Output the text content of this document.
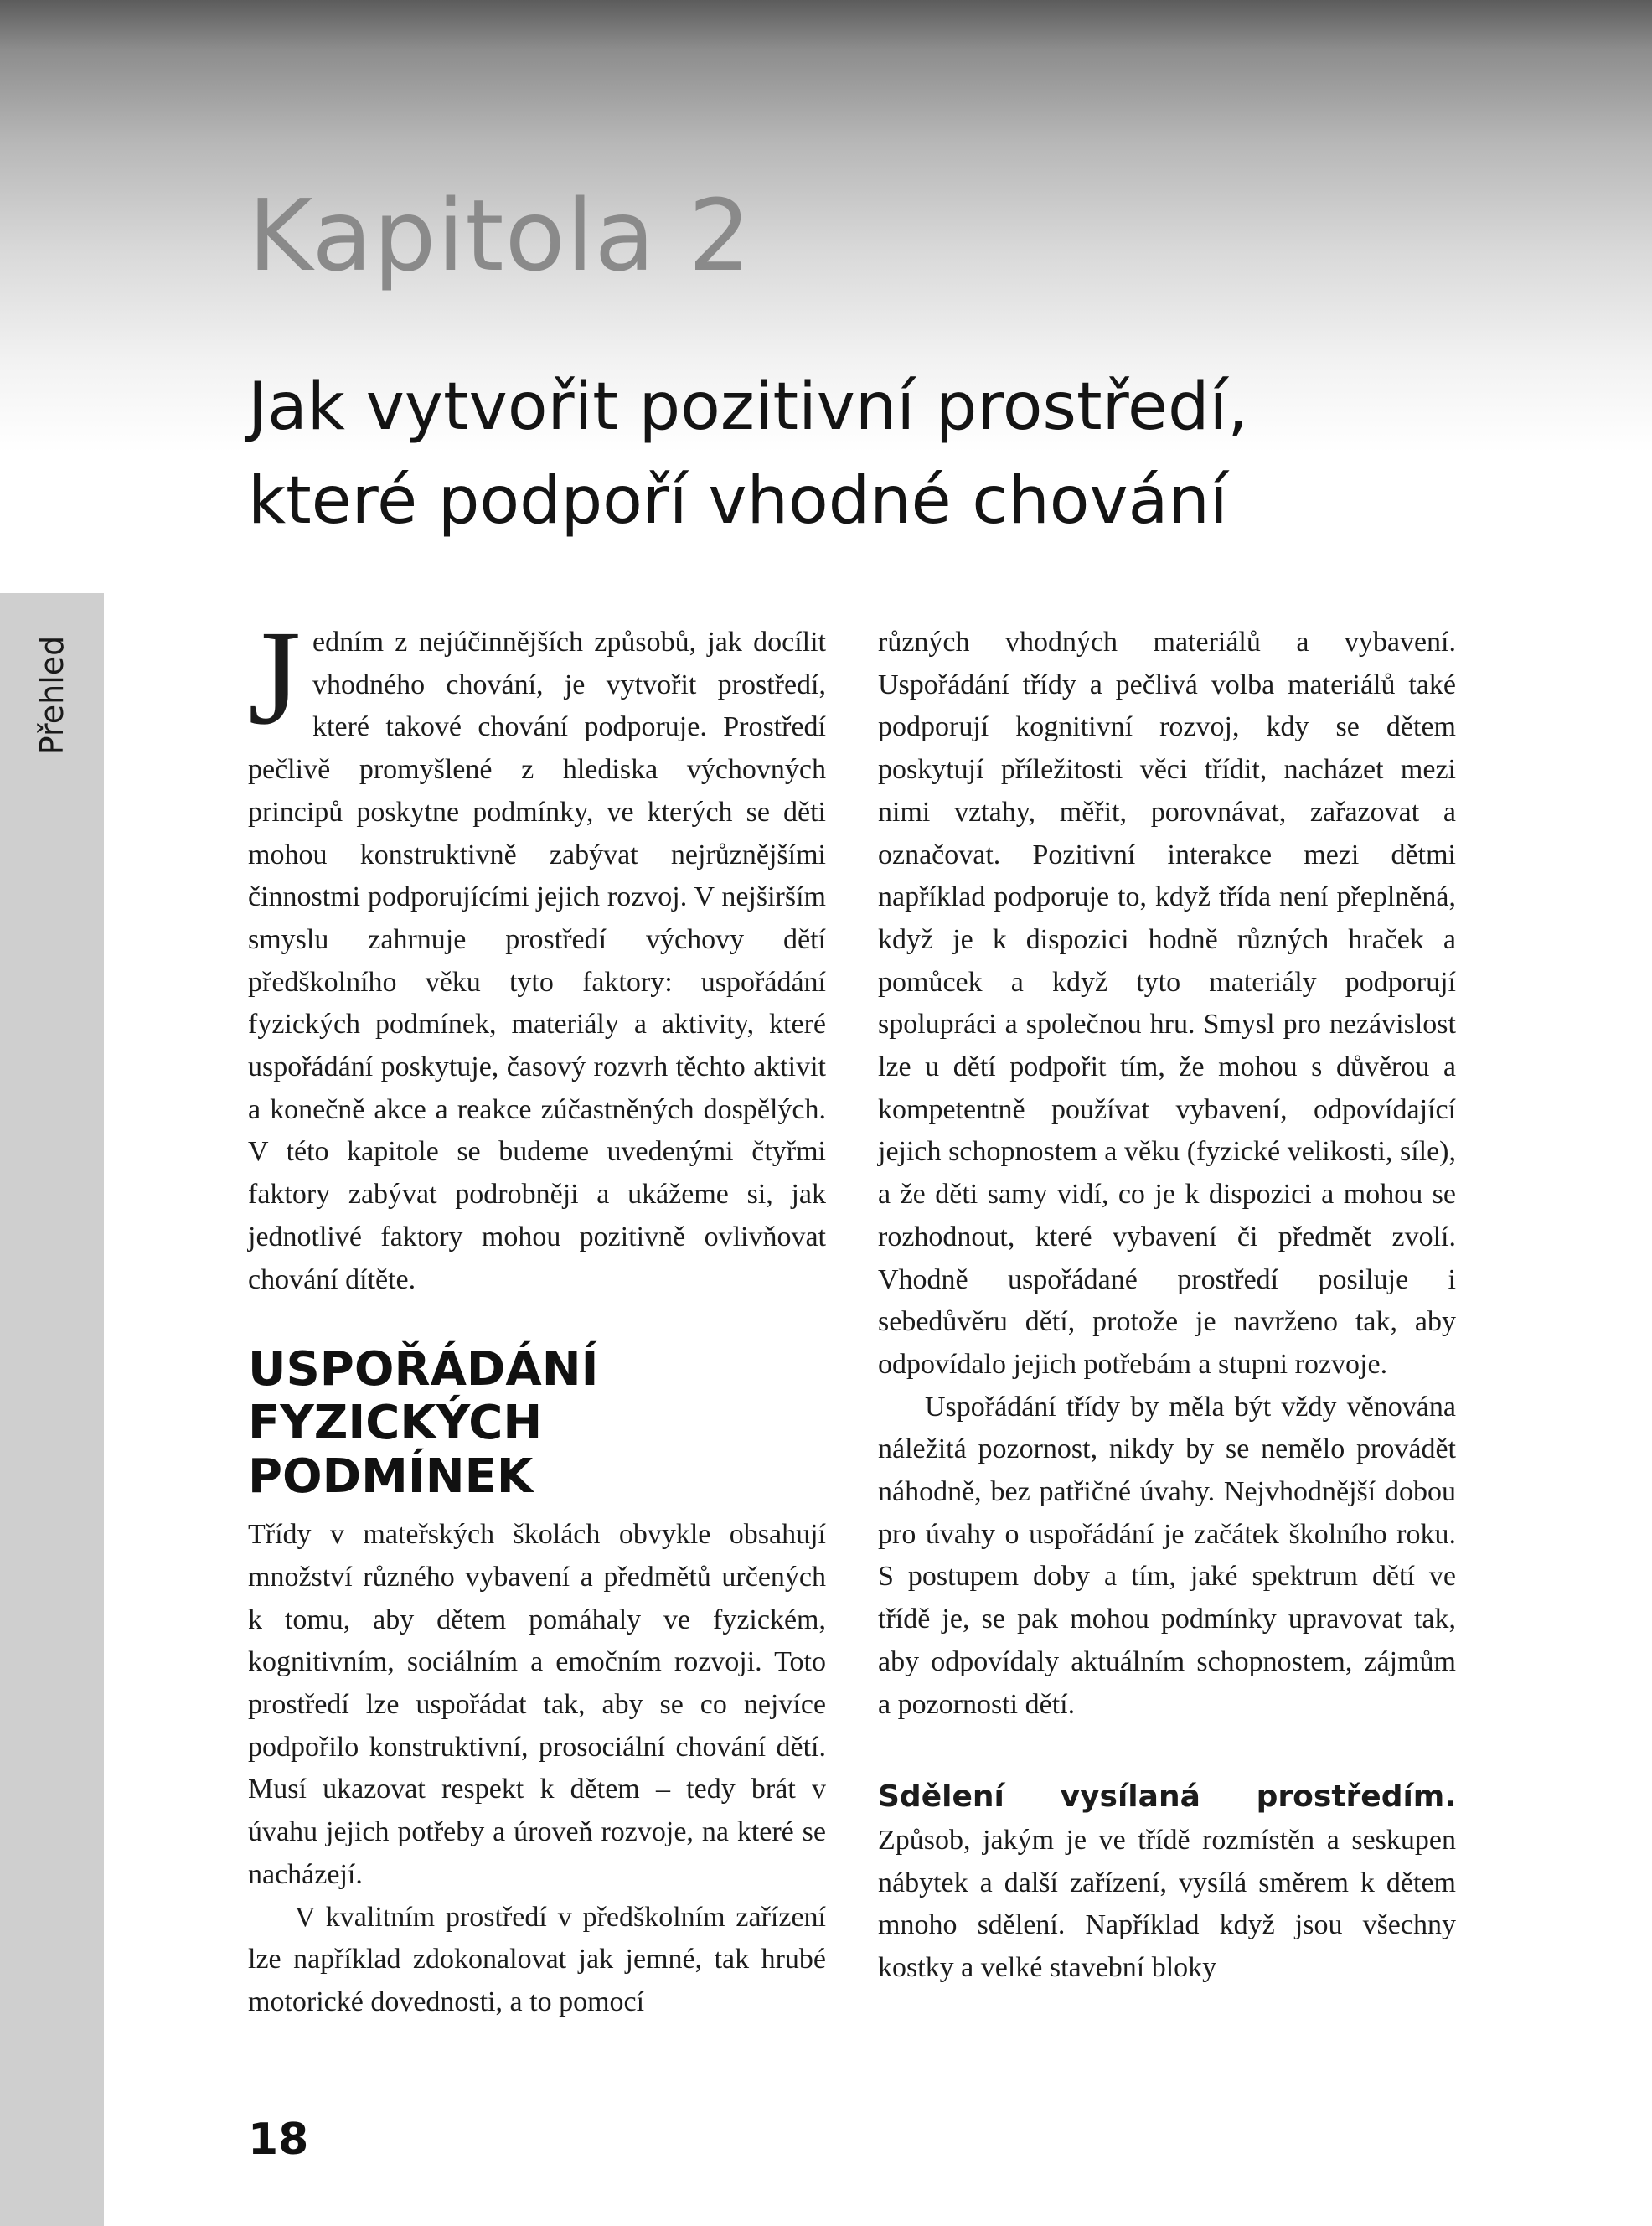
Přehled
Kapitola 2
Jak vytvořit pozitivní prostředí,
které podpoří vhodné chování

Jedním z nejúčinnějších způsobů, jak docílit vhodného chování, je vytvořit prostředí, které takové chování podporuje. Prostředí pečlivě promyšlené z hlediska výchovných principů poskytne podmínky, ve kterých se děti mohou konstruktivně zabývat nejrůznějšími činnostmi podporujícími jejich rozvoj. V nejširším smyslu zahrnuje prostředí výchovy dětí předškolního věku tyto faktory: uspořádání fyzických podmínek, materiály a aktivity, které uspořádání poskytuje, časový rozvrh těchto aktivit a konečně akce a reakce zúčastněných dospělých. V této kapitole se budeme uvedenými čtyřmi faktory zabývat podrobněji a ukážeme si, jak jednotlivé faktory mohou pozitivně ovlivňovat chování dítěte.

USPOŘÁDÁNÍ
FYZICKÝCH
PODMÍNEK

Třídy v mateřských školách obvykle obsahují množství různého vybavení a předmětů určených k tomu, aby dětem pomáhaly ve fyzickém, kognitivním, sociálním a emočním rozvoji. Toto prostředí lze uspořádat tak, aby se co nejvíce podpořilo konstruktivní, prosociální chování dětí. Musí ukazovat respekt k dětem – tedy brát v úvahu jejich potřeby a úroveň rozvoje, na které se nacházejí.

V kvalitním prostředí v předškolním zařízení lze například zdokonalovat jak jemné, tak hrubé motorické dovednosti, a to pomocí

různých vhodných materiálů a vybavení. Uspořádání třídy a pečlivá volba materiálů také podporují kognitivní rozvoj, kdy se dětem poskytují příležitosti věci třídit, nacházet mezi nimi vztahy, měřit, porovnávat, zařazovat a označovat. Pozitivní interakce mezi dětmi například podporuje to, když třída není přeplněná, když je k dispozici hodně různých hraček a pomůcek a když tyto materiály podporují spolupráci a společnou hru. Smysl pro nezávislost lze u dětí podpořit tím, že mohou s důvěrou a kompetentně používat vybavení, odpovídající jejich schopnostem a věku (fyzické velikosti, síle), a že děti samy vidí, co je k dispozici a mohou se rozhodnout, které vybavení či předmět zvolí. Vhodně uspořádané prostředí posiluje i sebedůvěru dětí, protože je navrženo tak, aby odpovídalo jejich potřebám a stupni rozvoje.

Uspořádání třídy by měla být vždy věnována náležitá pozornost, nikdy by se nemělo provádět náhodně, bez patřičné úvahy. Nejvhodnější dobou pro úvahy o uspořádání je začátek školního roku. S postupem doby a tím, jaké spektrum dětí ve třídě je, se pak mohou podmínky upravovat tak, aby odpovídaly aktuálním schopnostem, zájmům a pozornosti dětí.

Sdělení vysílaná prostředím. Způsob, jakým je ve třídě rozmístěn a seskupen nábytek a další zařízení, vysílá směrem k dětem mnoho sdělení. Například když jsou všechny kostky a velké stavební bloky

18
